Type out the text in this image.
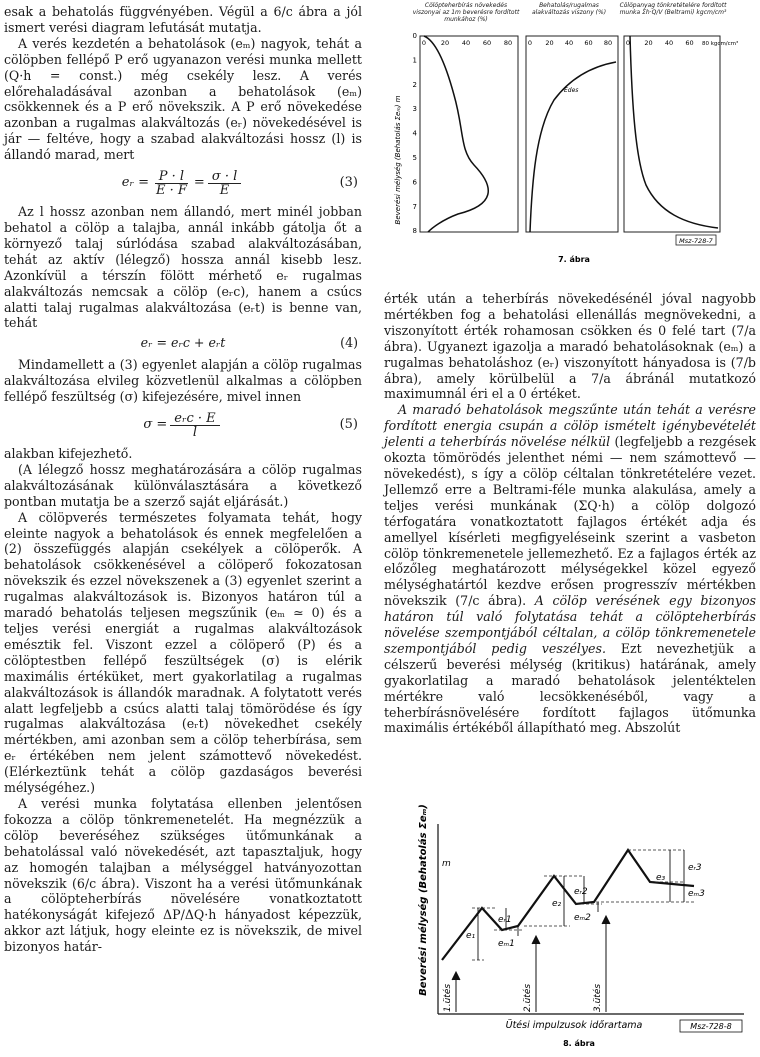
esak a behatolás függvényében. Végül a 6/c ábra a jól ismert verési diagram lefutását mutatja.

A verés kezdetén a behatolások (eₘ) nagyok, tehát a cölöpben fellépő P erő ugyanazon verési munka mellett (Q·h = const.) még csekély lesz. A verés előrehaladásával azonban a behatolások (eₘ) csökkennek és a P erő növekszik. A P erő növekedése azonban a rugalmas alakváltozás (eᵣ) növekedésével is jár — feltéve, hogy a szabad alakváltozási hossz (l) is állandó marad, mert

eᵣ = $\frac{P \cdot l}{E \cdot F} = \frac{\sigma \cdot l}{E}$	(3)

Az l hossz azonban nem állandó, mert minél jobban behatol a cölöp a talajba, annál inkább gátolja őt a környező talaj súrlódása szabad alakváltozásában, tehát az aktív (lélegző) hossza annál kisebb lesz. Azonkívül a térszín fölött mérhető eᵣ rugalmas alakváltozás nemcsak a cölöp (eᵣc), hanem a csúcs alatti talaj rugalmas alakváltozása (eᵣt) is benne van, tehát

eᵣ = eᵣc + eᵣt	(4)

Mindamellett a (3) egyenlet alapján a cölöp rugalmas alakváltozása elvileg közvetlenül alkalmas a cölöpben fellépő feszültség (σ) kifejezésére, mivel innen

$\sigma = \frac{\text{eᵣc · E}}{l}$	(5)

alakban kifejezhető.

(A lélegző hossz meghatározására a cölöp rugalmas alakváltozásának különválasztására a következő pontban mutatja be a szerző saját eljárását.)

A cölöpverés természetes folyamata tehát, hogy eleinte nagyok a behatolások és ennek megfelelően a (2) összefüggés alapján csekélyek a cölöperők. A behatolások csökkenésével a cölöperő fokozatosan növekszik és ezzel növekszenek a (3) egyenlet szerint a rugalmas alakváltozások is. Bizonyos határon túl a maradó behatolás teljesen megszűnik (eₘ ≃ 0) és a teljes verési energiát a rugalmas alakváltozások emésztik fel. Viszont ezzel a cölöperő (P) és a cölöptestben fellépő feszültségek (σ) is elérik maximális értéküket, mert gyakorlatilag a rugalmas alakváltozások is állandók maradnak. A folytatott verés alatt legfeljebb a csúcs alatti talaj tömörödése és így rugalmas alakváltozása (eᵣt) növekedhet csekély mértékben, ami azonban sem a cölöp teherbírása, sem eᵣ értékében nem jelent számottevő növekedést. (Elérkeztünk tehát a cölöp gazdaságos beverési mélységéhez.)

A verési munka folytatása ellenben jelentősen fokozza a cölöp tönkremenetelét. Ha megnézzük a cölöp beveréséhez szükséges ütőmunkának a behatolással való növekedését, azt tapasztaljuk, hogy az homogén talajban a mélységgel hatványozottan növekszik (6/c ábra). Viszont ha a verési ütőmunkának a cölöpteherbírás növelésére vonatkoztatott hatékonyságát kifejező ΔP/ΔQ·h hányadost képezzük, akkor azt látjuk, hogy eleinte ez is növekszik, de mivel bizonyos határ-

Cölöpteherbírás növekedés viszonyai az 1m beverésre fordított munkához (%)
Behatolás/rugalmas alakváltozás viszony (%)
Cölöpanyag tönkretételére fordított munka Σh·Q/V (Beltrami) kgcm/cm³
Beverési mélység (Behatolás Σeₘ) m
0 20 40 60 80 0 20 40 60 80 0 20 40 60 80 kgcm/cm³
0
1
2
3
4
5
6
7
8
Edes
Msz-728-7
7. ábra

érték után a teherbírás növekedésénél jóval nagyobb mértékben fog a behatolási ellenállás megnövekedni, a viszonyított érték rohamosan csökken és 0 felé tart (7/a ábra). Ugyanezt igazolja a maradó behatolásoknak (eₘ) a rugalmas behatoláshoz (eᵣ) viszonyított hányadosa is (7/b ábra), amely körülbelül a 7/a ábránál mutatkozó maximumnál éri el a 0 értéket.

A maradó behatolások megszűnte után tehát a verésre fordított energia csupán a cölöp ismételt igénybevételét jelenti a teherbírás növelése nélkül (legfeljebb a rezgések okozta tömörödés jelenthet némi — nem számottevő — növekedést), s így a cölöp céltalan tönkretételére vezet. Jellemző erre a Beltrami-féle munka alakulása, amely a teljes verési munkának (ΣQ·h) a cölöp dolgozó térfogatára vonatkoztatott fajlagos értékét adja és amellyel kísérleti megfigyeléseink szerint a vasbeton cölöp tönkremenetele jellemezhető. Ez a fajlagos érték az előzőleg meghatározott mélységekkel közel egyező mélységhatártól kezdve erősen progresszív mértékben növekszik (7/c ábra). A cölöp verésének egy bizonyos határon túl való folytatása tehát a cölöpteherbírás növelése szempontjából céltalan, a cölöp tönkremenetele szempontjából pedig veszélyes. Ezt nevezhetjük a célszerű beverési mélység (kritikus) határának, amely gyakorlatilag a maradó behatolások jelentéktelen mértékre való lecsökkenéséből, vagy a teherbírásnövelésére fordított fajlagos ütőmunka maximális értékéből állapítható meg. Abszolút

Beverési mélység (Behatolás Σeₘ) m
e₁
eᵣ1
eₘ1
e₂
eᵣ2
eₘ2
e₃
eᵣ3
eₘ3
1.ütés	2.ütés	3.ütés
Ütési impulzusok időrartama	Msz-728-8
8. ábra
